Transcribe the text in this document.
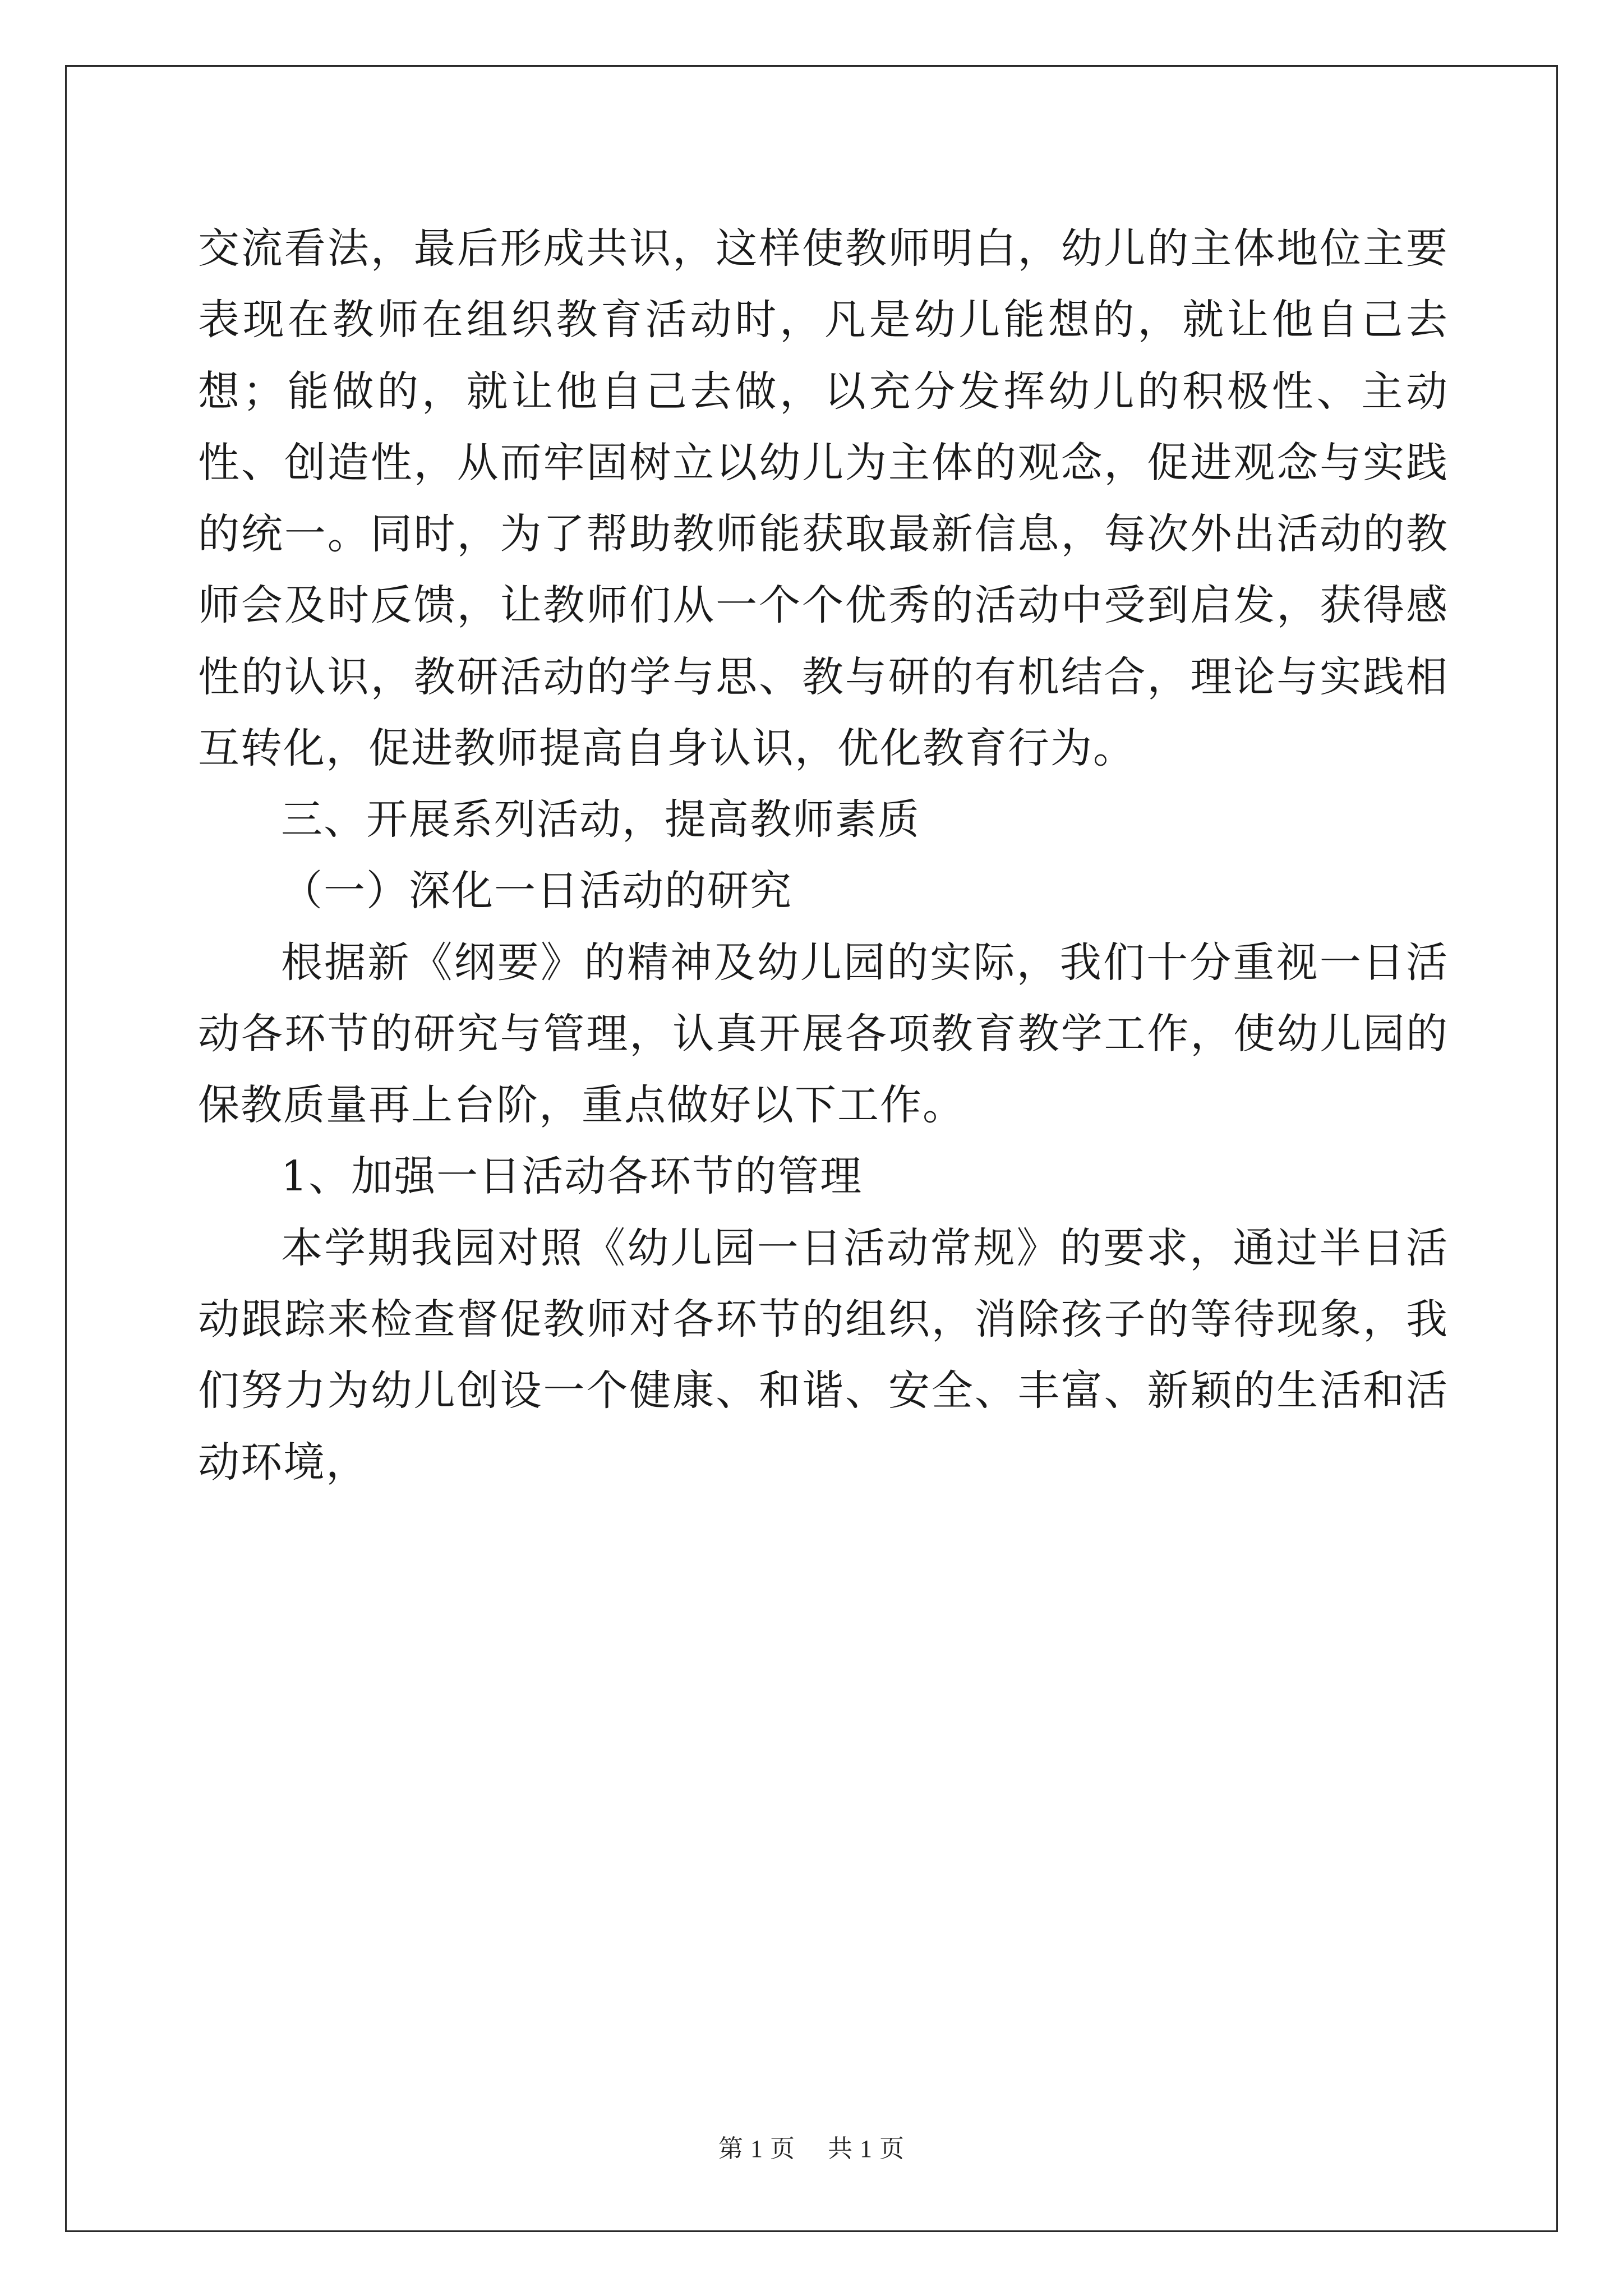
交流看法，最后形成共识，这样使教师明白，幼儿的主体地位主要表现在教师在组织教育活动时，凡是幼儿能想的，就让他自己去想；能做的，就让他自己去做，以充分发挥幼儿的积极性、主动性、创造性，从而牢固树立以幼儿为主体的观念，促进观念与实践的统一。同时，为了帮助教师能获取最新信息，每次外出活动的教师会及时反馈，让教师们从一个个优秀的活动中受到启发，获得感性的认识，教研活动的学与思、教与研的有机结合，理论与实践相互转化，促进教师提高自身认识，优化教育行为。

三、开展系列活动，提高教师素质

（一）深化一日活动的研究

根据新《纲要》的精神及幼儿园的实际，我们十分重视一日活动各环节的研究与管理，认真开展各项教育教学工作，使幼儿园的保教质量再上台阶，重点做好以下工作。

1、加强一日活动各环节的管理

本学期我园对照《幼儿园一日活动常规》的要求，通过半日活动跟踪来检查督促教师对各环节的组织，消除孩子的等待现象，我们努力为幼儿创设一个健康、和谐、安全、丰富、新颖的生活和活动环境，

第 1 页 共 1 页
